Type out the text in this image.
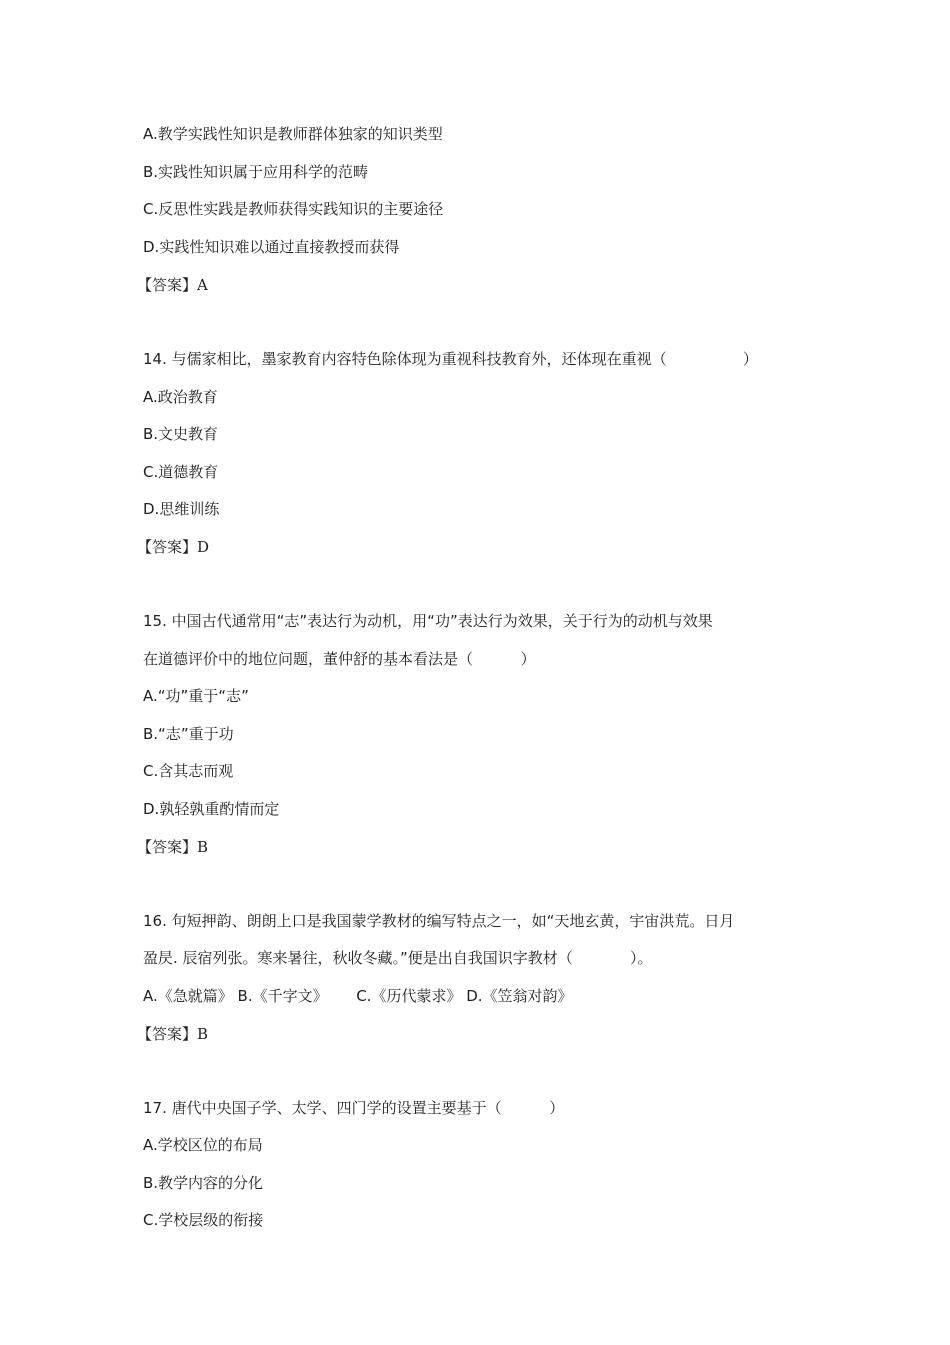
A.教学实践性知识是教师群体独家的知识类型
B.实践性知识属于应用科学的范畴
C.反思性实践是教师获得实践知识的主要途径
D.实践性知识难以通过直接教授而获得
【答案】A
14. 与儒家相比，墨家教育内容特色除体现为重视科技教育外，还体现在重视（                ）
A.政治教育
B.文史教育
C.道德教育
D.思维训练
【答案】D
15. 中国古代通常用“志”表达行为动机，用“功”表达行为效果，关于行为的动机与效果
在道德评价中的地位问题，董仲舒的基本看法是（          ）
A.“功”重于“志”
B.“志”重于功
C.含其志而观
D.孰轻孰重酌情而定
【答案】B
16. 句短押韵、朗朗上口是我国蒙学教材的编写特点之一，如“天地玄黄，宇宙洪荒。日月
盈昃. 辰宿列张。寒来暑往，秋收冬藏。”便是出自我国识字教材（            ）。
A.《急就篇》 B.《千字文》      C.《历代蒙求》 D.《笠翁对韵》
【答案】B
17. 唐代中央国子学、太学、四门学的设置主要基于（          ）
A.学校区位的布局
B.教学内容的分化
C.学校层级的衔接
